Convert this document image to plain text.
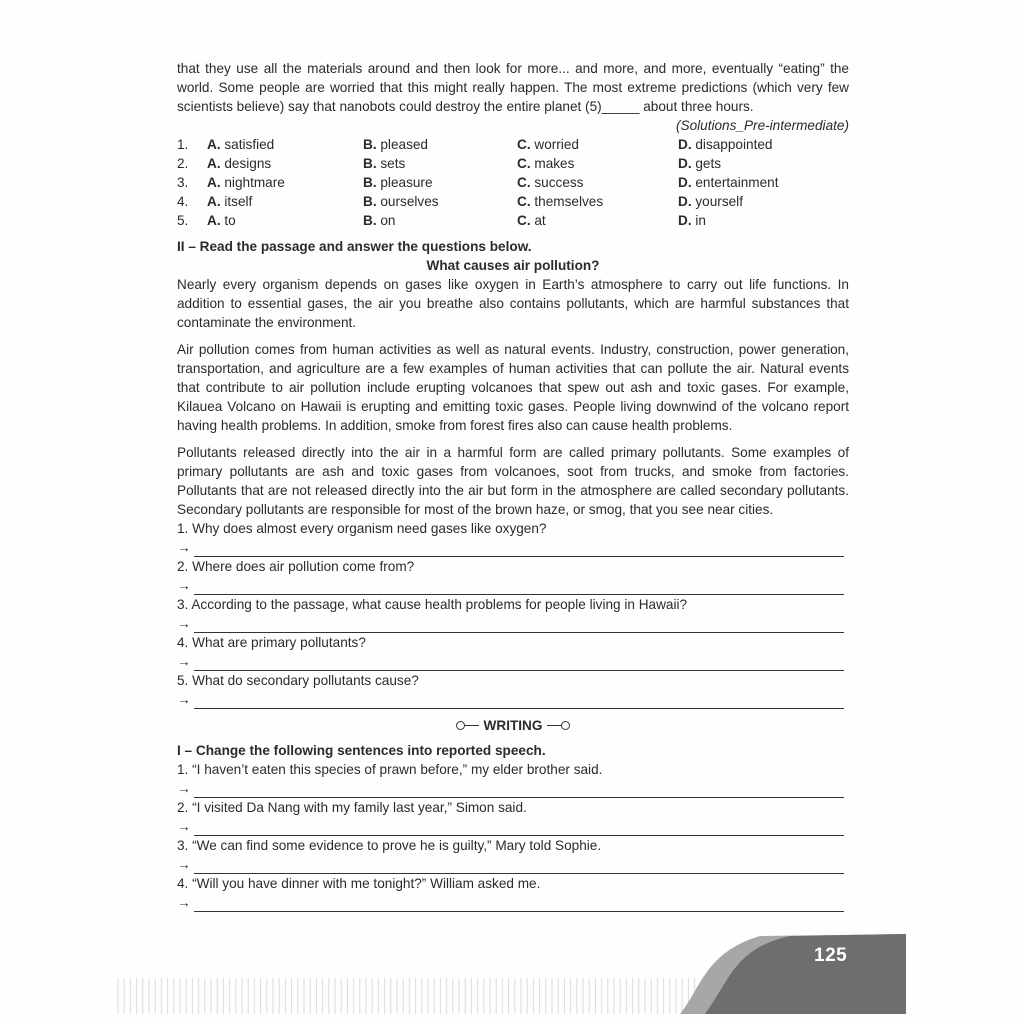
that they use all the materials around and then look for more... and more, and more, eventually “eating” the world. Some people are worried that this might really happen. The most extreme predictions (which very few scientists believe) say that nanobots could destroy the entire planet (5)_____ about three hours.

(Solutions_Pre-intermediate)

1.	A. satisfied	B. pleased	C. worried	D. disappointed
2.	A. designs	B. sets	C. makes	D. gets
3.	A. nightmare	B. pleasure	C. success	D. entertainment
4.	A. itself	B. ourselves	C. themselves	D. yourself
5.	A. to	B. on	C. at	D. in
II – Read the passage and answer the questions below.

What causes air pollution?

Nearly every organism depends on gases like oxygen in Earth’s atmosphere to carry out life functions. In addition to essential gases, the air you breathe also contains pollutants, which are harmful substances that contaminate the environment.

Air pollution comes from human activities as well as natural events. Industry, construction, power generation, transportation, and agriculture are a few examples of human activities that can pollute the air. Natural events that contribute to air pollution include erupting volcanoes that spew out ash and toxic gases. For example, Kilauea Volcano on Hawaii is erupting and emitting toxic gases. People living downwind of the volcano report having health problems. In addition, smoke from forest fires also can cause health problems.

Pollutants released directly into the air in a harmful form are called primary pollutants. Some examples of primary pollutants are ash and toxic gases from volcanoes, soot from trucks, and smoke from factories. Pollutants that are not released directly into the air but form in the atmosphere are called secondary pollutants. Secondary pollutants are responsible for most of the brown haze, or smog, that you see near cities.

1. Why does almost every organism need gases like oxygen?

→

2. Where does air pollution come from?

→

3. According to the passage, what cause health problems for people living in Hawaii?

→

4. What are primary pollutants?

→

5. What do secondary pollutants cause?

→
WRITING
I – Change the following sentences into reported speech.

1. “I haven’t eaten this species of prawn before,” my elder brother said.

→

2. “I visited Da Nang with my family last year,” Simon said.

→

3. “We can find some evidence to prove he is guilty,” Mary told Sophie.

→

4. “Will you have dinner with me tonight?” William asked me.

→
125
